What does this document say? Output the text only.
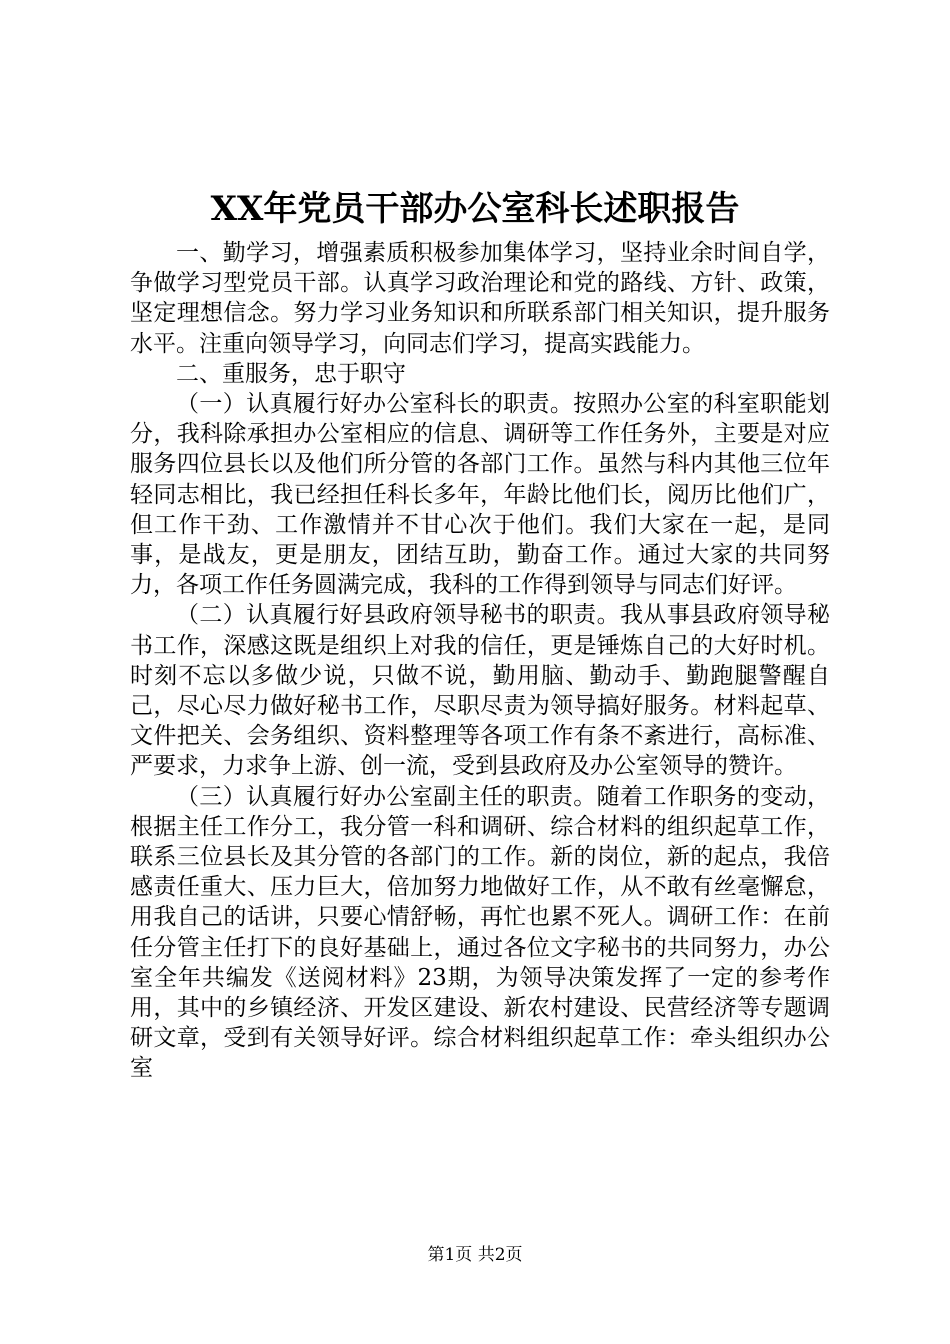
XX年党员干部办公室科长述职报告

一、勤学习，增强素质积极参加集体学习，坚持业余时间自学，争做学习型党员干部。认真学习政治理论和党的路线、方针、政策，坚定理想信念。努力学习业务知识和所联系部门相关知识，提升服务水平。注重向领导学习，向同志们学习，提高实践能力。

二、重服务，忠于职守

（一）认真履行好办公室科长的职责。按照办公室的科室职能划分，我科除承担办公室相应的信息、调研等工作任务外，主要是对应服务四位县长以及他们所分管的各部门工作。虽然与科内其他三位年轻同志相比，我已经担任科长多年，年龄比他们长，阅历比他们广，但工作干劲、工作激情并不甘心次于他们。我们大家在一起，是同事，是战友，更是朋友，团结互助，勤奋工作。通过大家的共同努力，各项工作任务圆满完成，我科的工作得到领导与同志们好评。

（二）认真履行好县政府领导秘书的职责。我从事县政府领导秘书工作，深感这既是组织上对我的信任，更是锤炼自己的大好时机。时刻不忘以多做少说，只做不说，勤用脑、勤动手、勤跑腿警醒自己，尽心尽力做好秘书工作，尽职尽责为领导搞好服务。材料起草、文件把关、会务组织、资料整理等各项工作有条不紊进行，高标准、严要求，力求争上游、创一流，受到县政府及办公室领导的赞许。

（三）认真履行好办公室副主任的职责。随着工作职务的变动，根据主任工作分工，我分管一科和调研、综合材料的组织起草工作，联系三位县长及其分管的各部门的工作。新的岗位，新的起点，我倍感责任重大、压力巨大，倍加努力地做好工作，从不敢有丝毫懈怠，用我自己的话讲，只要心情舒畅，再忙也累不死人。调研工作：在前任分管主任打下的良好基础上，通过各位文字秘书的共同努力，办公室全年共编发《送阅材料》23期，为领导决策发挥了一定的参考作用，其中的乡镇经济、开发区建设、新农村建设、民营经济等专题调研文章，受到有关领导好评。综合材料组织起草工作：牵头组织办公室

第1页 共2页
